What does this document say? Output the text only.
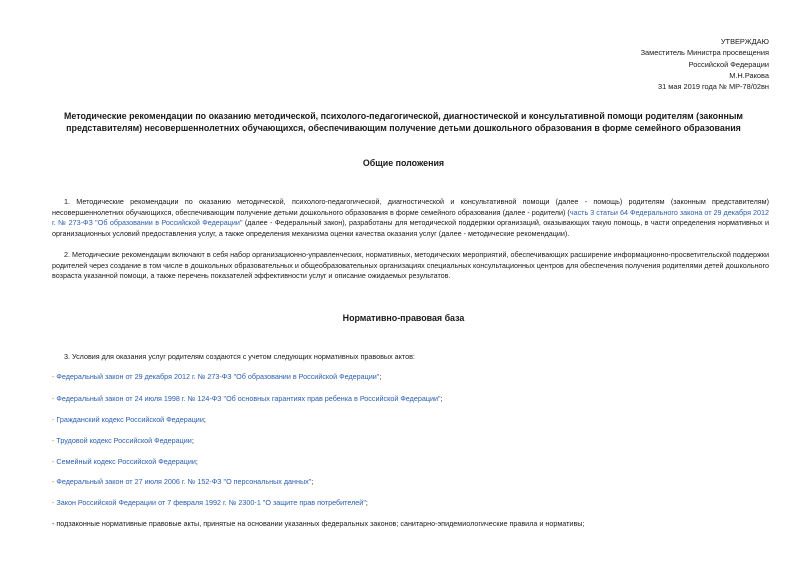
УТВЕРЖДАЮ
Заместитель Министра просвещения
Российской Федерации
М.Н.Ракова
31 мая 2019 года № МР-78/02вн
Методические рекомендации по оказанию методической, психолого-педагогической, диагностической и консультативной помощи родителям (законным представителям) несовершеннолетних обучающихся, обеспечивающим получение детьми дошкольного образования в форме семейного образования
Общие положения
1. Методические рекомендации по оказанию методической, психолого-педагогической, диагностической и консультативной помощи (далее - помощь) родителям (законным представителям) несовершеннолетних обучающихся, обеспечивающим получение детьми дошкольного образования в форме семейного образования (далее - родители) (часть 3 статьи 64 Федерального закона от 29 декабря 2012 г. № 273-ФЗ "Об образовании в Российской Федерации" (далее - Федеральный закон), разработаны для методической поддержки организаций, оказывающих такую помощь, в части определения нормативных и организационных условий предоставления услуг, а также определения механизма оценки качества оказания услуг (далее - методические рекомендации).
2. Методические рекомендации включают в себя набор организационно-управленческих, нормативных, методических мероприятий, обеспечивающих расширение информационно-просветительской поддержки родителей через создание в том числе в дошкольных образовательных и общеобразовательных организациях специальных консультационных центров для обеспечения получения родителями детей дошкольного возраста указанной помощи, а также перечень показателей эффективности услуг и описание ожидаемых результатов.
Нормативно-правовая база
3. Условия для оказания услуг родителям создаются с учетом следующих нормативных правовых актов:
- Федеральный закон от 29 декабря 2012 г. № 273-ФЗ "Об образовании в Российской Федерации";
- Федеральный закон от 24 июля 1998 г. № 124-ФЗ "Об основных гарантиях прав ребенка в Российской Федерации";
- Гражданский кодекс Российской Федерации;
- Трудовой кодекс Российской Федерации;
- Семейный кодекс Российской Федерации;
- Федеральный закон от 27 июля 2006 г. № 152-ФЗ "О персональных данных";
- Закон Российской Федерации от 7 февраля 1992 г. № 2300-1 "О защите прав потребителей";
- подзаконные нормативные правовые акты, принятые на основании указанных федеральных законов; санитарно-эпидемиологические правила и нормативы;
